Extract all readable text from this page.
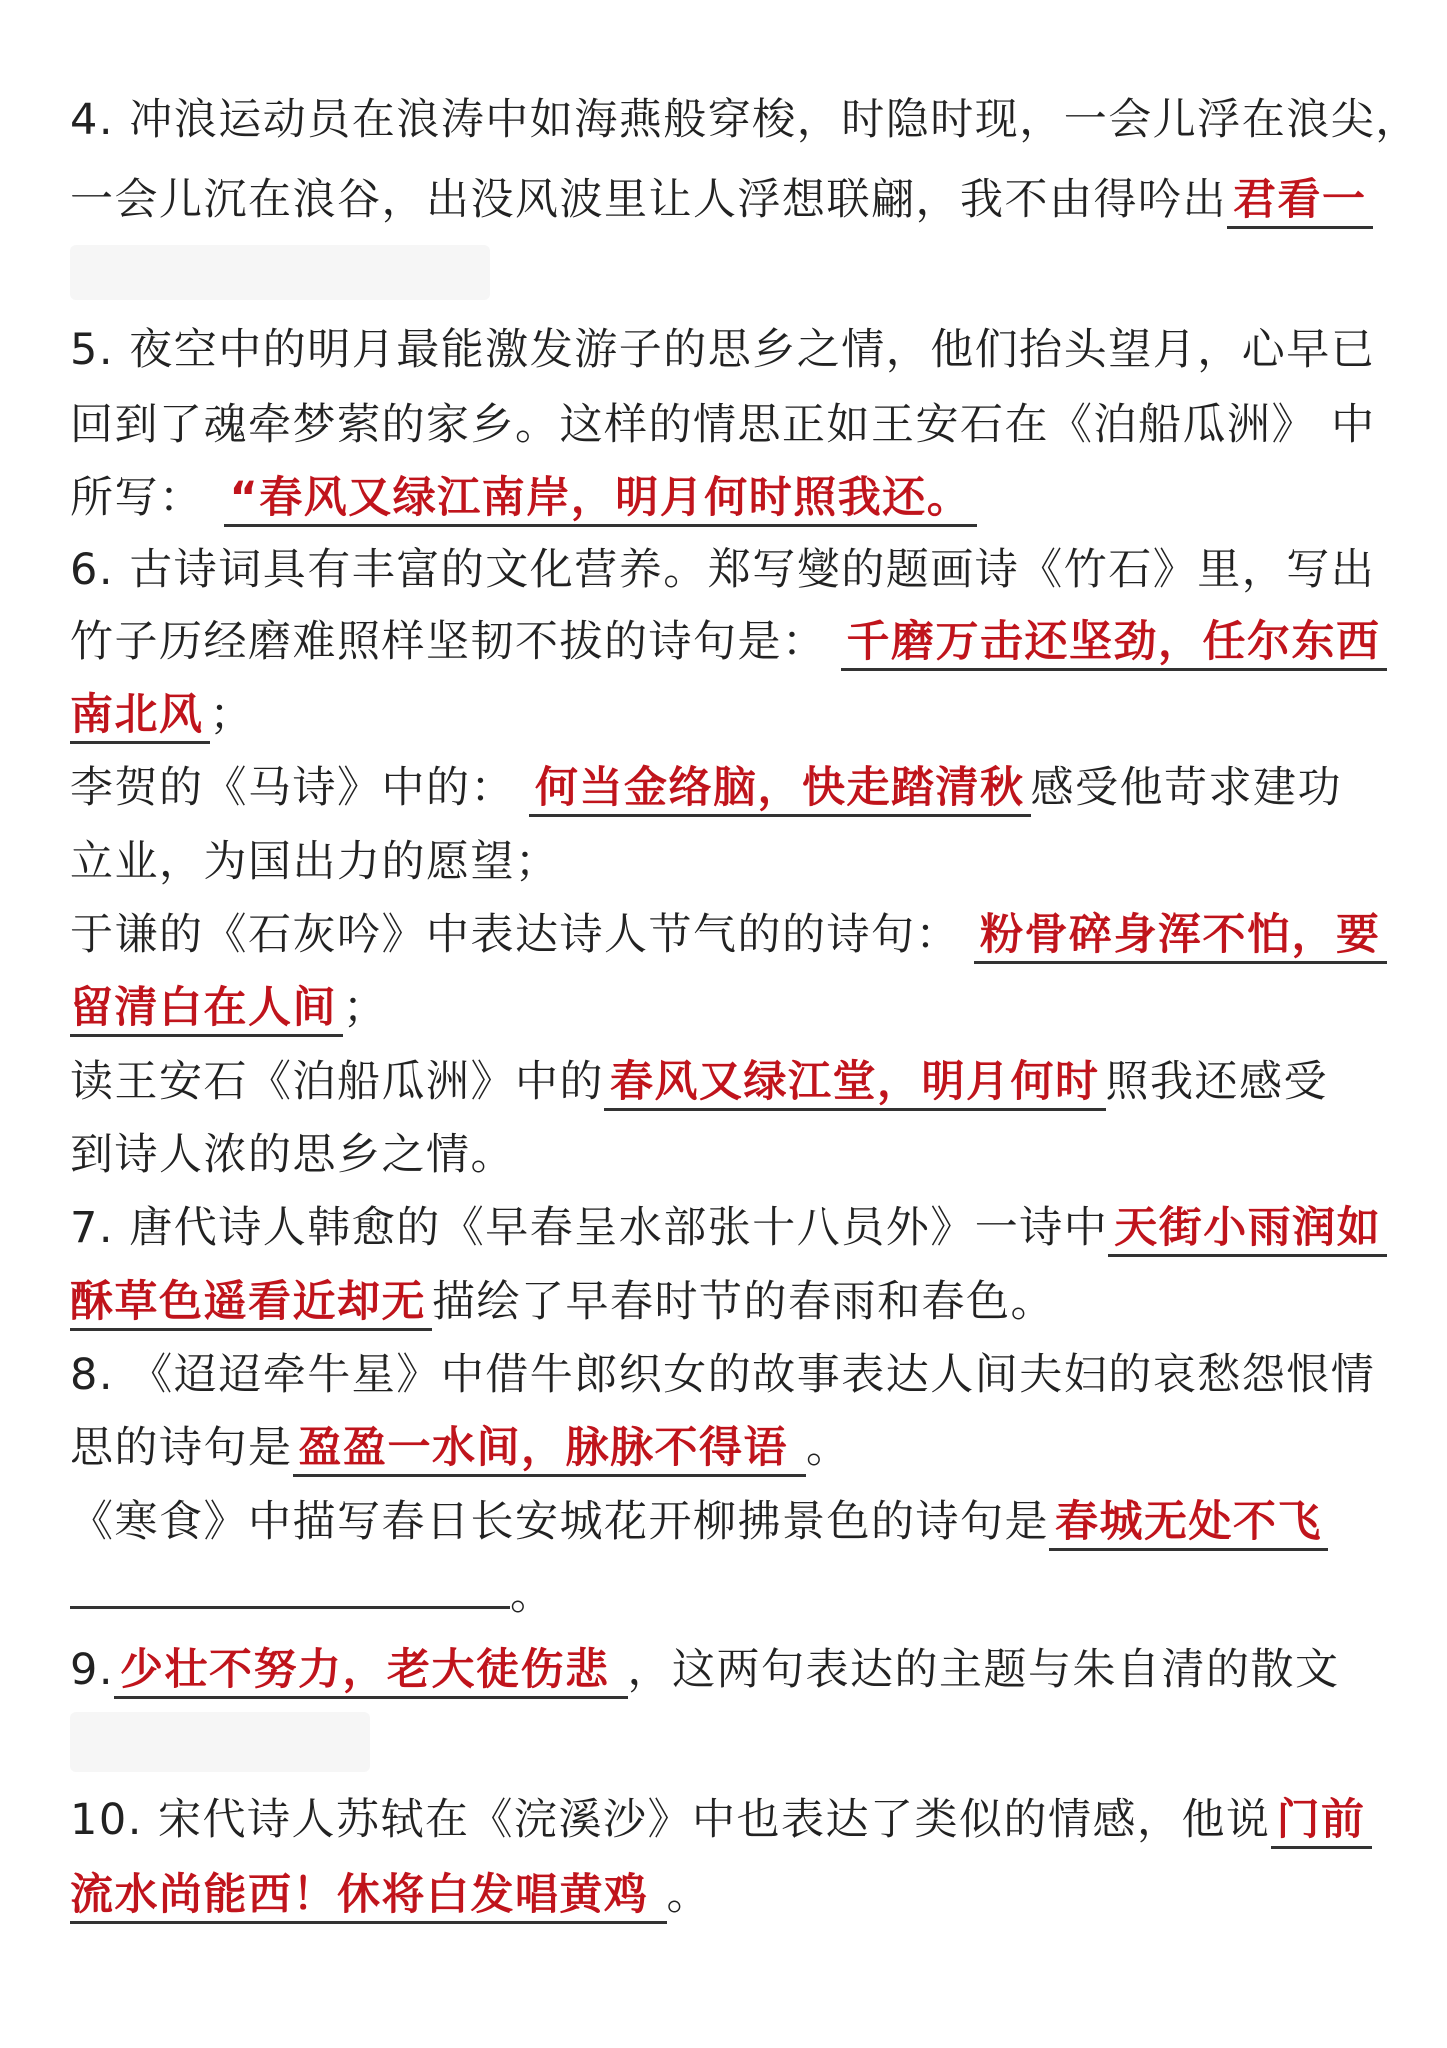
4. 冲浪运动员在浪涛中如海燕般穿梭，时隐时现，一会儿浮在浪尖，
一会儿沉在浪谷，出没风波里让人浮想联翩，我不由得吟出 君看一
5. 夜空中的明月最能激发游子的思乡之情，他们抬头望月，心早已
回到了魂牵梦萦的家乡。这样的情思正如王安石在《泊船瓜洲》 中
所写： “春风又绿江南岸，明月何时照我还。
6. 古诗词具有丰富的文化营养。郑写燮的题画诗《竹石》里，写出
竹子历经磨难照样坚韧不拔的诗句是： 千磨万击还坚劲，任尔东西
南北风 ；
李贺的《马诗》中的： 何当金络脑，快走踏清秋 感受他苛求建功
立业，为国出力的愿望；
于谦的《石灰吟》中表达诗人节气的的诗句： 粉骨碎身浑不怕，要
留清白在人间 ；
读王安石《泊船瓜洲》中的 春风又绿江堂，明月何时 照我还感受
到诗人浓的思乡之情。
7. 唐代诗人韩愈的《早春呈水部张十八员外》一诗中 天街小雨润如
酥草色遥看近却无 描绘了早春时节的春雨和春色。
8. 《迢迢牵牛星》中借牛郎织女的故事表达人间夫妇的哀愁怨恨情
思的诗句是 盈盈一水间，脉脉不得语 。
《寒食》中描写春日长安城花开柳拂景色的诗句是 春城无处不飞
。
9. 少壮不努力，老大徒伤悲 ，这两句表达的主题与朱自清的散文
10. 宋代诗人苏轼在《浣溪沙》中也表达了类似的情感，他说 门前
流水尚能西！休将白发唱黄鸡 。
